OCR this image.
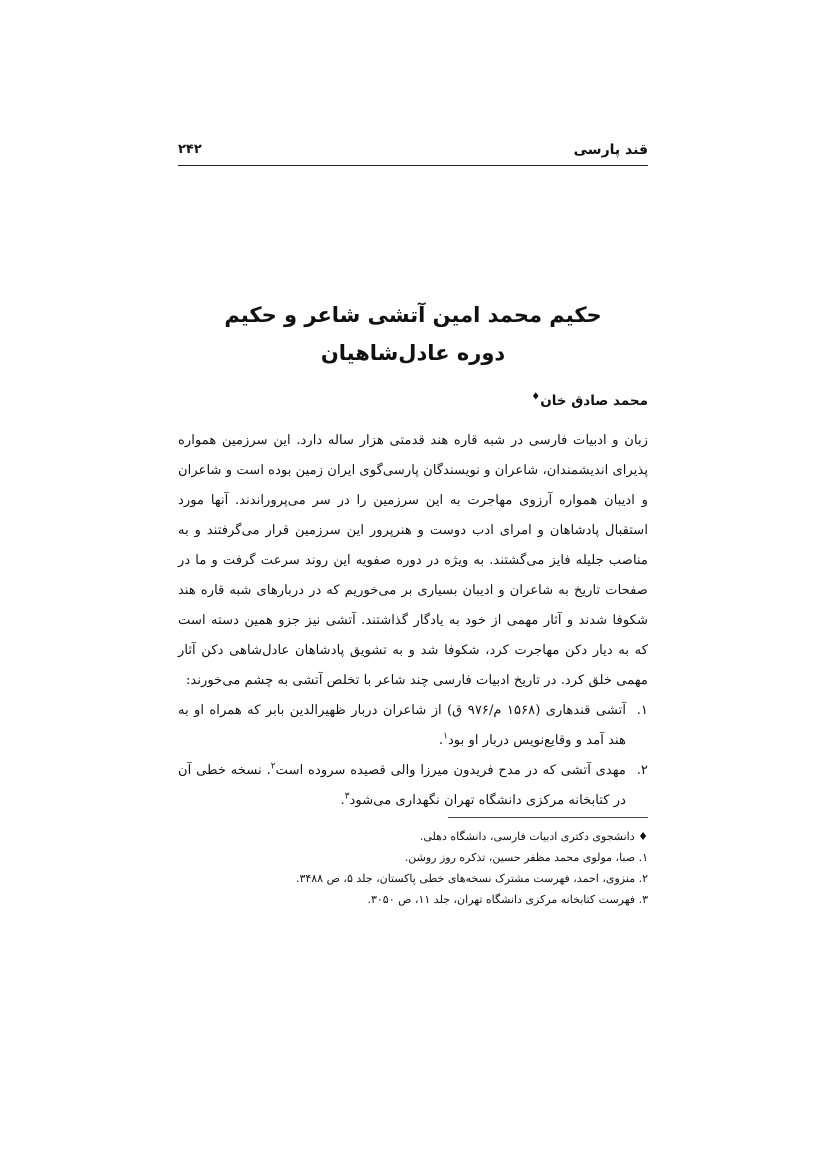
قند پارسی
۲۴۲
حکیم محمد امین آتشی شاعر و حکیم
دوره عادل‌شاهیان
محمد صادق خان♦

زبان و ادبیات فارسی در شبه قاره هند قدمتی هزار ساله دارد. این سرزمین همواره پذیرای اندیشمندان، شاعران و نویسندگان پارسی‌گوی ایران زمین بوده است و شاعران و ادیبان همواره آرزوی مهاجرت به این سرزمین را در سر می‌پروراندند. آنها مورد استقبال پادشاهان و امرای ادب دوست و هنرپرور این سرزمین قرار می‌گرفتند و به مناصب جلیله فایز می‌گشتند. به ویژه در دوره صفویه این روند سرعت گرفت و ما در صفحات تاریخ به شاعران و ادیبان بسیاری بر می‌خوریم که در دربارهای شبه قاره هند شکوفا شدند و آثار مهمی از خود به یادگار گذاشتند. آتشی نیز جزو همین دسته است که به دیار دکن مهاجرت کرد، شکوفا شد و به تشویق پادشاهان عادل‌شاهی دکن آثار مهمی خلق کرد. در تاریخ ادبیات فارسی چند شاعر با تخلص آتشی به چشم می‌خورند:

۱.
آتشی قندهاری (۱۵۶۸ م/۹۷۶ ق) از شاعران دربار ظهیرالدین بابر که همراه او به هند آمد و وقایع‌نویس دربار او بود$^۱$.
۲.
مهدی آتشی که در مدح فریدون میرزا والی قصیده سروده است$^۲$. نسخه خطی آن در کتابخانه مرکزی دانشگاه تهران نگهداری می‌شود$^۳$.
♦ دانشجوی دکتری ادبیات فارسی، دانشگاه دهلی.
۱. صبا، مولوی محمد مظفر حسین، تذکره روز روشن.
۲. منزوی، احمد، فهرست مشترک نسخه‌های خطی پاکستان، جلد ۵، ص ۳۴۸۸.
۳. فهرست کتابخانه مرکزی دانشگاه تهران، جلد ۱۱، ص ۳۰۵۰.
